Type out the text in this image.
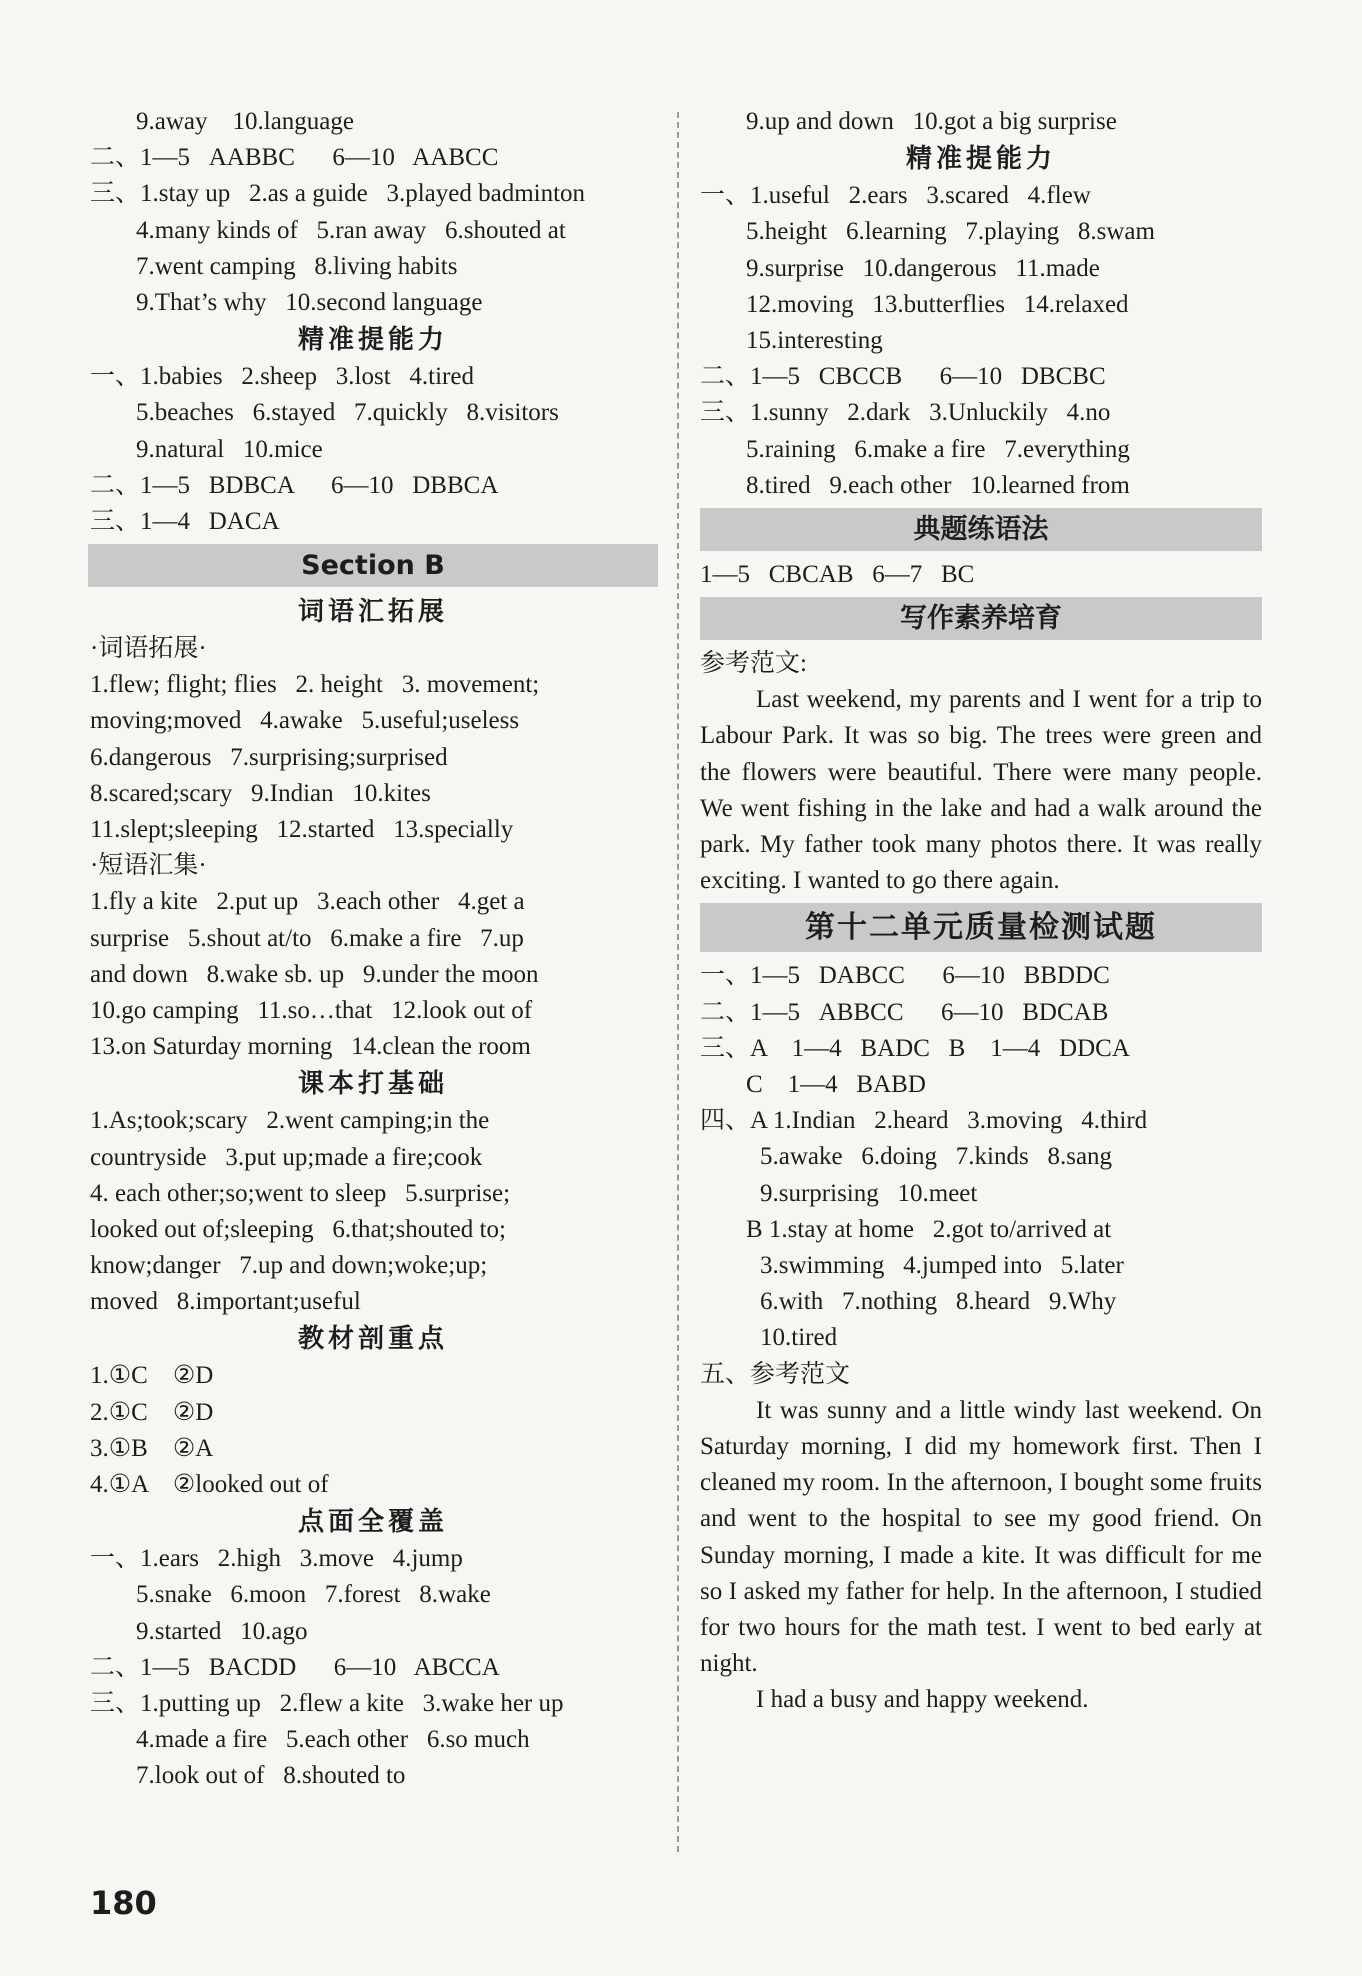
9.away    10.language
二、1—5   AABBC      6—10   AABCC
三、1.stay up   2.as a guide   3.played badminton
4.many kinds of   5.ran away   6.shouted at
7.went camping   8.living habits
9.That’s why   10.second language
精准提能力
一、1.babies   2.sheep   3.lost   4.tired
5.beaches   6.stayed   7.quickly   8.visitors
9.natural   10.mice
二、1—5   BDBCA      6—10   DBBCA
三、1—4   DACA
Section B
词语汇拓展
·词语拓展·
1.flew; flight; flies   2. height   3. movement;
moving;moved   4.awake   5.useful;useless
6.dangerous   7.surprising;surprised
8.scared;scary   9.Indian   10.kites
11.slept;sleeping   12.started   13.specially
·短语汇集·
1.fly a kite   2.put up   3.each other   4.get a
surprise   5.shout at/to   6.make a fire   7.up
and down   8.wake sb. up   9.under the moon
10.go camping   11.so…that   12.look out of
13.on Saturday morning   14.clean the room
课本打基础
1.As;took;scary   2.went camping;in the
countryside   3.put up;made a fire;cook
4. each other;so;went to sleep   5.surprise;
looked out of;sleeping   6.that;shouted to;
know;danger   7.up and down;woke;up;
moved   8.important;useful
教材剖重点
1.①C    ②D
2.①C    ②D
3.①B    ②A
4.①A    ②looked out of
点面全覆盖
一、1.ears   2.high   3.move   4.jump
5.snake   6.moon   7.forest   8.wake
9.started   10.ago
二、1—5   BACDD      6—10   ABCCA
三、1.putting up   2.flew a kite   3.wake her up
4.made a fire   5.each other   6.so much
7.look out of   8.shouted to
9.up and down   10.got a big surprise
精准提能力
一、1.useful   2.ears   3.scared   4.flew
5.height   6.learning   7.playing   8.swam
9.surprise   10.dangerous   11.made
12.moving   13.butterflies   14.relaxed
15.interesting
二、1—5   CBCCB      6—10   DBCBC
三、1.sunny   2.dark   3.Unluckily   4.no
5.raining   6.make a fire   7.everything
8.tired   9.each other   10.learned from
典题练语法
1—5   CBCAB   6—7   BC
写作素养培育
参考范文:
Last weekend, my parents and I went for a trip to Labour Park. It was so big. The trees were green and the flowers were beautiful. There were many people. We went fishing in the lake and had a walk around the park. My father took many photos there. It was really exciting. I wanted to go there again.
第十二单元质量检测试题
一、1—5   DABCC      6—10   BBDDC
二、1—5   ABBCC      6—10   BDCAB
三、A    1—4   BADC   B    1—4   DDCA
C    1—4   BABD
四、A 1.Indian   2.heard   3.moving   4.third
5.awake   6.doing   7.kinds   8.sang
9.surprising   10.meet
B 1.stay at home   2.got to/arrived at
3.swimming   4.jumped into   5.later
6.with   7.nothing   8.heard   9.Why
10.tired
五、参考范文
It was sunny and a little windy last weekend. On Saturday morning, I did my homework first. Then I cleaned my room. In the afternoon, I bought some fruits and went to the hospital to see my good friend. On Sunday morning, I made a kite. It was difficult for me so I asked my father for help. In the afternoon, I studied for two hours for the math test. I went to bed early at night.
I had a busy and happy weekend.
180
